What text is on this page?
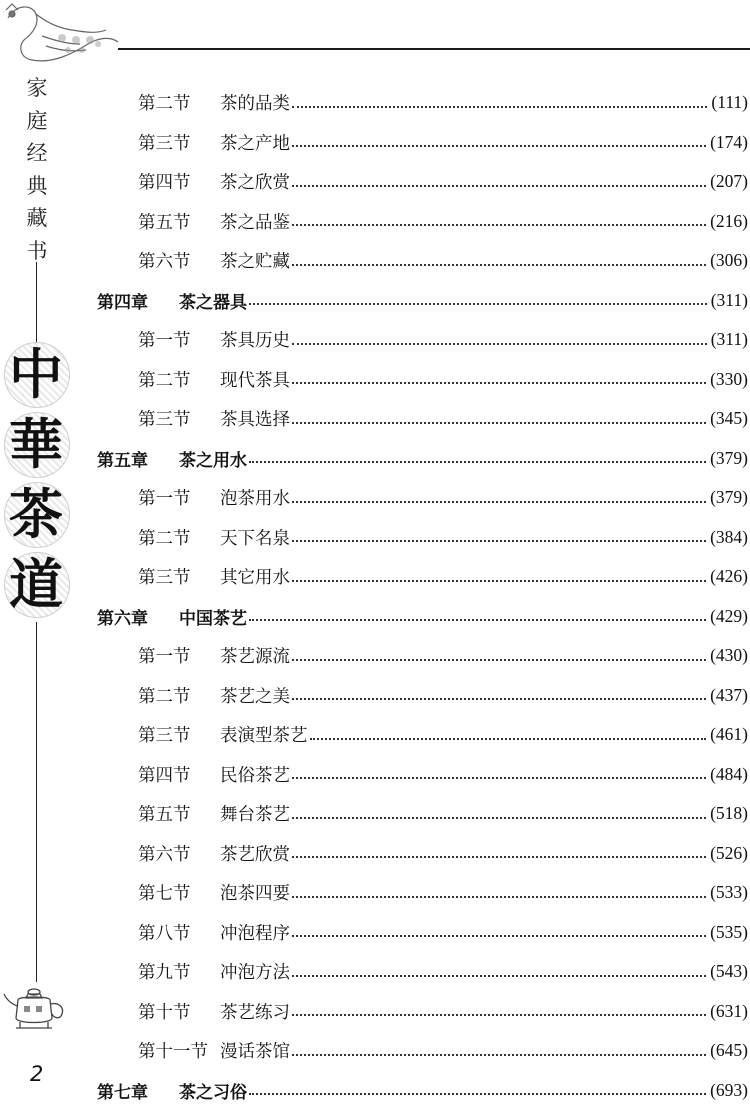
家
庭
经
典
藏
书
中
華
茶
道
2
第二节	茶的品类	(111)
第三节	茶之产地	(174)
第四节	茶之欣赏	(207)
第五节	茶之品鉴	(216)
第六节	茶之贮藏	(306)
第四章	茶之器具	(311)
第一节	茶具历史	(311)
第二节	现代茶具	(330)
第三节	茶具选择	(345)
第五章	茶之用水	(379)
第一节	泡茶用水	(379)
第二节	天下名泉	(384)
第三节	其它用水	(426)
第六章	中国茶艺	(429)
第一节	茶艺源流	(430)
第二节	茶艺之美	(437)
第三节	表演型茶艺	(461)
第四节	民俗茶艺	(484)
第五节	舞台茶艺	(518)
第六节	茶艺欣赏	(526)
第七节	泡茶四要	(533)
第八节	冲泡程序	(535)
第九节	冲泡方法	(543)
第十节	茶艺练习	(631)
第十一节 漫话茶馆	(645)
第七章	茶之习俗	(693)
